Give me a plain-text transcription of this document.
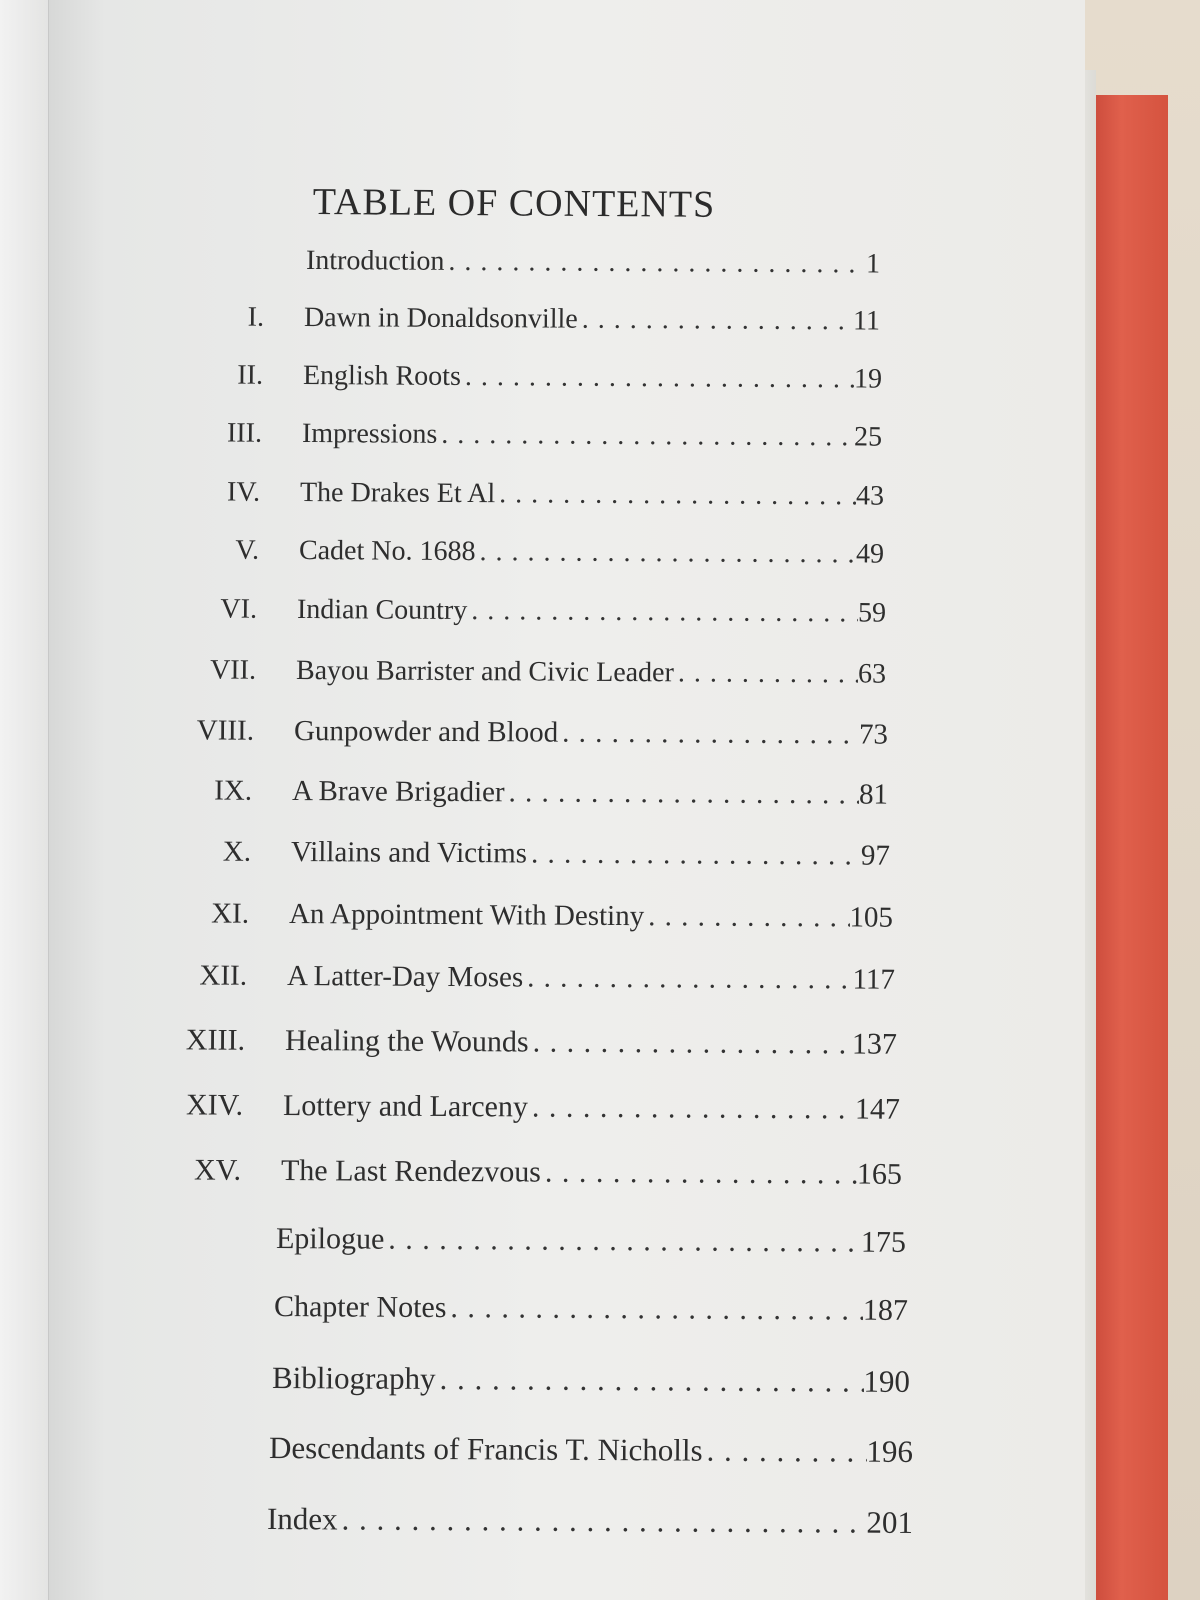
TABLE OF CONTENTS
Introduction . . .	1
I. Dawn in Donaldsonville . . .	11
II. English Roots . . .	19
III. Impressions . . .	25
IV. The Drakes Et Al . . .	43
V. Cadet No. 1688 . . .	49
VI. Indian Country . . .	59
VII. Bayou Barrister and Civic Leader . . .	63
VIII. Gunpowder and Blood . . .	73
IX. A Brave Brigadier . . .	81
X. Villains and Victims . . .	97
XI. An Appointment With Destiny . . .	105
XII. A Latter-Day Moses . . .	117
XIII. Healing the Wounds . . .	137
XIV. Lottery and Larceny . . .	147
XV. The Last Rendezvous . . .	165
Epilogue . . .	175
Chapter Notes . . .	187
Bibliography . . .	190
Descendants of Francis T. Nicholls . . .	196
Index . . .	201
